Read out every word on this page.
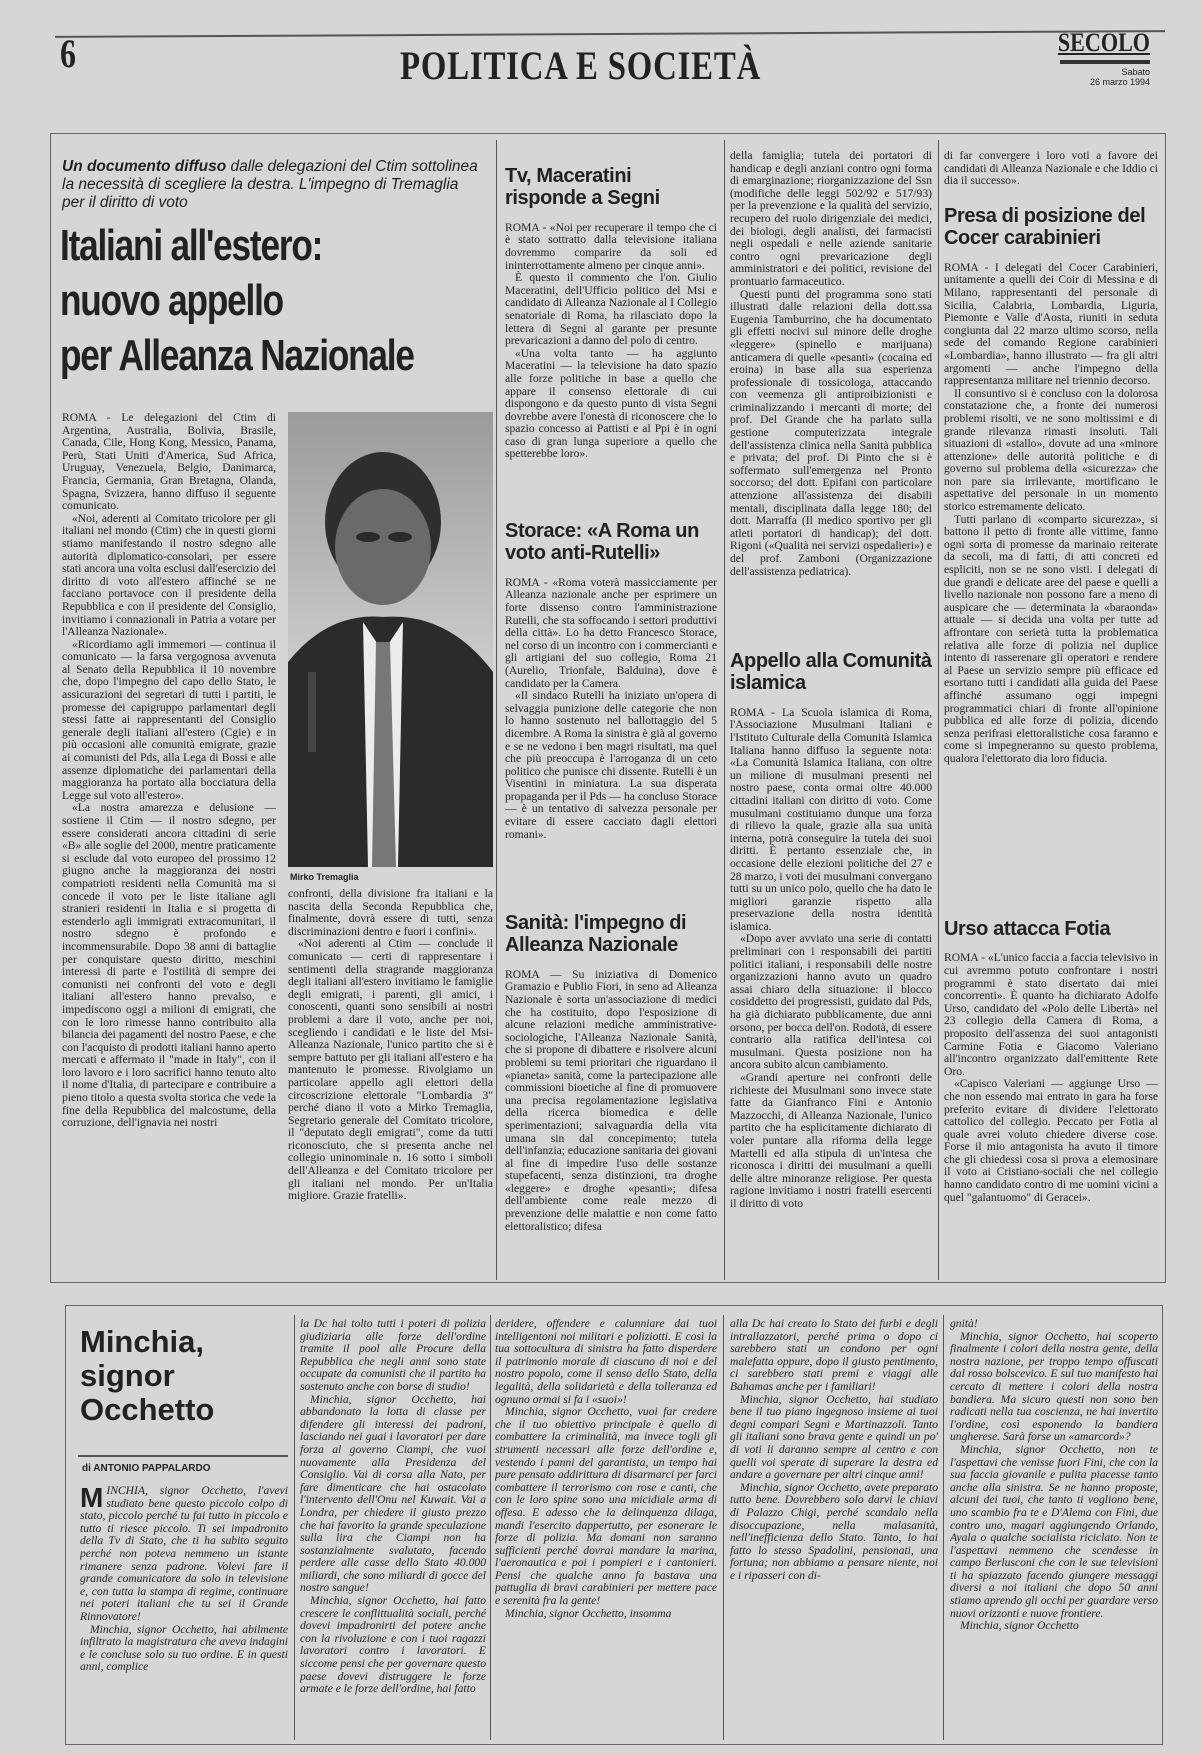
6	POLITICA E SOCIETÀ
SECOLO
Sabato
26 marzo 1994
Un documento diffuso dalle delegazioni del Ctim sottolinea la necessità di scegliere la destra. L'impegno di Tremaglia per il diritto di voto
Italiani all'estero:
nuovo appello
per Alleanza Nazionale

ROMA - Le delegazioni del Ctim di Argentina, Australia, Bolivia, Brasile, Canada, Cile, Hong Kong, Messico, Panama, Perù, Stati Uniti d'America, Sud Africa, Uruguay, Venezuela, Belgio, Danimarca, Francia, Germania, Gran Bretagna, Olanda, Spagna, Svizzera, hanno diffuso il seguente comunicato.

«Noi, aderenti al Comitato tricolore per gli italiani nel mondo (Ctim) che in questi giorni stiamo manifestando il nostro sdegno alle autorità diplomatico-consolari, per essere stati ancora una volta esclusi dall'esercizio del diritto di voto all'estero affinché se ne facciano portavoce con il presidente della Repubblica e con il presidente del Consiglio, invitiamo i connazionali in Patria a votare per l'Alleanza Nazionale».

«Ricordiamo agli immemori — continua il comunicato — la farsa vergognosa avvenuta al Senato della Repubblica il 10 novembre che, dopo l'impegno del capo dello Stato, le assicurazioni dei segretari di tutti i partiti, le promesse dei capigruppo parlamentari degli stessi fatte ai rappresentanti del Consiglio generale degli italiani all'estero (Cgie) e in più occasioni alle comunità emigrate, grazie ai comunisti del Pds, alla Lega di Bossi e alle assenze diplomatiche dei parlamentari della maggioranza ha portato alla bocciatura della Legge sul voto all'estero».

«La nostra amarezza e delusione — sostiene il Ctim — il nostro sdegno, per essere considerati ancora cittadini di serie «B» alle soglie del 2000, mentre praticamente si esclude dal voto europeo del prossimo 12 giugno anche la maggioranza dei nostri compatrioti residenti nella Comunità ma si concede il voto per le liste italiane agli stranieri residenti in Italia e si progetta di estenderlo agli immigrati extracomunitari, il nostro sdegno è profondo e incommensurabile. Dopo 38 anni di battaglie per conquistare questo diritto, meschini interessi di parte e l'ostilità di sempre dei comunisti nei confronti del voto e degli italiani all'estero hanno prevalso, e impediscono oggi a milioni di emigrati, che con le loro rimesse hanno contribuito alla bilancia dei pagamenti del nostro Paese, e che con l'acquisto di prodotti italiani hanno aperto mercati e affermato il "made in Italy", con il loro lavoro e i loro sacrifici hanno tenuto alto il nome d'Italia, di partecipare e contribuire a pieno titolo a questa svolta storica che vede la fine della Repubblica del malcostume, della corruzione, dell'ignavia nei nostri

Mirko Tremaglia

confronti, della divisione fra italiani e la nascita della Seconda Repubblica che, finalmente, dovrà essere di tutti, senza discriminazioni dentro e fuori i confini».

«Noi aderenti al Ctim — conclude il comunicato — certi di rappresentare i sentimenti della stragrande maggioranza degli italiani all'estero invitiamo le famiglie degli emigrati, i parenti, gli amici, i conoscenti, quanti sono sensibili ai nostri problemi a dare il voto, anche per noi, scegliendo i candidati e le liste del Msi-Alleanza Nazionale, l'unico partito che si è sempre battuto per gli italiani all'estero e ha mantenuto le promesse. Rivolgiamo un particolare appello agli elettori della circoscrizione elettorale "Lombardia 3" perché diano il voto a Mirko Tremaglia, Segretario generale del Comitato tricolore, il "deputato degli emigrati", come da tutti riconosciuto, che si presenta anche nel collegio uninominale n. 16 sotto i simboli dell'Alleanza e del Comitato tricolore per gli italiani nel mondo. Per un'Italia migliore. Grazie fratelli».

Tv, Maceratini risponde a Segni

ROMA - «Noi per recuperare il tempo che ci è stato sottratto dalla televisione italiana dovremmo comparire da soli ed ininterrottamente almeno per cinque anni».

È questo il commento che l'on. Giulio Maceratini, dell'Ufficio politico del Msi e candidato di Alleanza Nazionale al I Collegio senatoriale di Roma, ha rilasciato dopo la lettera di Segni al garante per presunte prevaricazioni a danno del polo di centro.

«Una volta tanto — ha aggiunto Maceratini — la televisione ha dato spazio alle forze politiche in base a quello che appare il consenso elettorale di cui dispongono e da questo punto di vista Segni dovrebbe avere l'onestà di riconoscere che lo spazio concesso ai Pattisti e al Ppi è in ogni caso di gran lunga superiore a quello che spetterebbe loro».

Storace: «A Roma un voto anti-Rutelli»

ROMA - «Roma voterà massicciamente per Alleanza nazionale anche per esprimere un forte dissenso contro l'amministrazione Rutelli, che sta soffocando i settori produttivi della città». Lo ha detto Francesco Storace, nel corso di un incontro con i commercianti e gli artigiani del suo collegio, Roma 21 (Aurelio, Trionfale, Balduina), dove è candidato per la Camera.

«Il sindaco Rutelli ha iniziato un'opera di selvaggia punizione delle categorie che non lo hanno sostenuto nel ballottaggio del 5 dicembre. A Roma la sinistra è già al governo e se ne vedono i ben magri risultati, ma quel che più preoccupa è l'arroganza di un ceto politico che punisce chi dissente. Rutelli è un Visentini in miniatura. La sua disperata propaganda per il Pds — ha concluso Storace — è un tentativo di salvezza personale per evitare di essere cacciato dagli elettori romani».

Sanità: l'impegno di Alleanza Nazionale

ROMA — Su iniziativa di Domenico Gramazio e Publio Fiori, in seno ad Alleanza Nazionale è sorta un'associazione di medici che ha costituito, dopo l'esposizione di alcune relazioni mediche amministrative-sociologiche, l'Alleanza Nazionale Sanità, che si propone di dibattere e risolvere alcuni problemi su temi prioritari che riguardano il «pianeta» sanità, come la partecipazione alle commissioni bioetiche al fine di promuovere una precisa regolamentazione legislativa della ricerca biomedica e delle sperimentazioni; salvaguardia della vita umana sin dal concepimento; tutela dell'infanzia; educazione sanitaria dei giovani al fine di impedire l'uso delle sostanze stupefacenti, senza distinzioni, tra droghe «leggere» e droghe «pesanti»; difesa dell'ambiente come reale mezzo di prevenzione delle malattie e non come fatto elettoralistico; difesa

della famiglia; tutela dei portatori di handicap e degli anziani contro ogni forma di emarginazione; riorganizzazione del Ssn (modifiche delle leggi 502/92 e 517/93) per la prevenzione e la qualità del servizio, recupero del ruolo dirigenziale dei medici, dei biologi, degli analisti, dei farmacisti negli ospedali e nelle aziende sanitarie contro ogni prevaricazione degli amministratori e dei politici, revisione del prontuario farmaceutico.

Questi punti del programma sono stati illustrati dalle relazioni della dott.ssa Eugenia Tamburrino, che ha documentato gli effetti nocivi sul minore delle droghe «leggere» (spinello e marijuana) anticamera di quelle «pesanti» (cocaina ed eroina) in base alla sua esperienza professionale di tossicologa, attaccando con veemenza gli antiproibizionisti e criminalizzando i mercanti di morte; del prof. Del Grande che ha parlato sulla gestione computerizzata integrale dell'assistenza clinica nella Sanità pubblica e privata; del prof. Di Pinto che si è soffermato sull'emergenza nel Pronto soccorso; del dott. Epifani con particolare attenzione all'assistenza dei disabili mentali, disciplinata dalla legge 180; del dott. Marraffa (Il medico sportivo per gli atleti portatori di handicap); del dott. Rigoni («Qualità nei servizi ospedalieri») e del prof. Zamboni (Organizzazione dell'assistenza pediatrica).

Appello alla Comunità islamica

ROMA - La Scuola islamica di Roma, l'Associazione Musulmani Italiani e l'Istituto Culturale della Comunità Islamica Italiana hanno diffuso la seguente nota: «La Comunità Islamica Italiana, con oltre un milione di musulmani presenti nel nostro paese, conta ormai oltre 40.000 cittadini italiani con diritto di voto. Come musulmani costituiamo dunque una forza di rilievo la quale, grazie alla sua unità interna, potrà conseguire la tutela dei suoi diritti. È pertanto essenziale che, in occasione delle elezioni politiche del 27 e 28 marzo, i voti dei musulmani convergano tutti su un unico polo, quello che ha dato le migliori garanzie rispetto alla preservazione della nostra identità islamica.

«Dopo aver avviato una serie di contatti preliminari con i responsabili dei partiti politici italiani, i responsabili delle nostre organizzazioni hanno avuto un quadro assai chiaro della situazione: il blocco cosiddetto dei progressisti, guidato dal Pds, ha già dichiarato pubblicamente, due anni orsono, per bocca dell'on. Rodotà, di essere contrario alla ratifica dell'intesa coi musulmani. Questa posizione non ha ancora subito alcun cambiamento.

«Grandi aperture nei confronti delle richieste dei Musulmani sono invece state fatte da Gianfranco Fini e Antonio Mazzocchi, di Alleanza Nazionale, l'unico partito che ha esplicitamente dichiarato di voler puntare alla riforma della legge Martelli ed alla stipula di un'intesa che riconosca i diritti dei musulmani a quelli delle altre minoranze religiose. Per questa ragione invitiamo i nostri fratelli esercenti il diritto di voto

di far convergere i loro voti a favore dei candidati di Alleanza Nazionale e che Iddio ci dia il successo».

Presa di posizione del Cocer carabinieri

ROMA - I delegati del Cocer Carabinieri, unitamente a quelli dei Coir di Messina e di Milano, rappresentanti del personale di Sicilia, Calabria, Lombardia, Liguria, Piemonte e Valle d'Aosta, riuniti in seduta congiunta dal 22 marzo ultimo scorso, nella sede del comando Regione carabinieri «Lombardia», hanno illustrato — fra gli altri argomenti — anche l'impegno della rappresentanza militare nel triennio decorso.

Il consuntivo si è concluso con la dolorosa constatazione che, a fronte dei numerosi problemi risolti, ve ne sono moltissimi e di grande rilevanza rimasti insoluti. Tali situazioni di «stallo», dovute ad una «minore attenzione» delle autorità politiche e di governo sul problema della «sicurezza» che non pare sia irrilevante, mortificano le aspettative del personale in un momento storico estremamente delicato.

Tutti parlano di «comparto sicurezza», si battono il petto di fronte alle vittime, fanno ogni sorta di promesse da marinaio reiterate da secoli, ma di fatti, di atti concreti ed espliciti, non se ne sono visti. I delegati di due grandi e delicate aree del paese e quelli a livello nazionale non possono fare a meno di auspicare che — determinata la «baraonda» attuale — si decida una volta per tutte ad affrontare con serietà tutta la problematica relativa alle forze di polizia nel duplice intento di rasserenare gli operatori e rendere al Paese un servizio sempre più efficace ed esortano tutti i candidati alla guida del Paese affinché assumano oggi impegni programmatici chiari di fronte all'opinione pubblica ed alle forze di polizia, dicendo senza perifrasi elettoralistiche cosa faranno e come si impegneranno su questo problema, qualora l'elettorato dia loro fiducia.

Urso attacca Fotia

ROMA - «L'unico faccia a faccia televisivo in cui avremmo potuto confrontare i nostri programmi è stato disertato dai miei concorrenti». È quanto ha dichiarato Adolfo Urso, candidato del «Polo delle Libertà» nel 23 collegio della Camera di Roma, a proposito dell'assenza dei suoi antagonisti Carmine Fotia e Giacomo Valeriano all'incontro organizzato dall'emittente Rete Oro.

«Capisco Valeriani — aggiunge Urso — che non essendo mai entrato in gara ha forse preferito evitare di dividere l'elettorato cattolico del collegio. Peccato per Fotia al quale avrei voluto chiedere diverse cose. Forse il mio antagonista ha avuto il timore che gli chiedessi cosa si prova a elemosinare il voto ai Cristiano-sociali che nel collegio hanno candidato contro di me uomini vicini a quel "galantuomo" di Geracei».

Minchia, signor Occhetto
di ANTONIO PAPPALARDO
M INCHIA, signor Occhetto, l'avevi studiato bene questo piccolo colpo di stato, piccolo perché tu fai tutto in piccolo e tutto ti riesce piccolo. Ti sei impadronito della Tv di Stato, che ti ha subito seguito perché non poteva nemmeno un istante rimanere senza padrone. Volevi fare il grande comunicatore da solo in televisione e, con tutta la stampa di regime, continuare nei poteri italiani che tu sei il Grande Rinnovatore!

Minchia, signor Occhetto, hai abilmente infiltrato la magistratura che aveva indagini e le concluse solo su tuo ordine. E in questi anni, complice

la Dc hai tolto tutti i poteri di polizia giudiziaria alle forze dell'ordine tramite il pool alle Procure della Repubblica che negli anni sono state occupate da comunisti che il partito ha sostenuto anche con borse di studio!

Minchia, signor Occhetto, hai abbandonato la lotta di classe per difendere gli interessi dei padroni, lasciando nei guai i lavoratori per dare forza al governo Ciampi, che vuoi nuovamente alla Presidenza del Consiglio. Vai di corsa alla Nato, per fare dimenticare che hai ostacolato l'intervento dell'Onu nel Kuwait. Vai a Londra, per chiedere il giusto prezzo che hai favorito la grande speculazione sulla lira che Ciampi non ha sostanzialmente svalutato, facendo perdere alle casse dello Stato 40.000 miliardi, che sono miliardi di gocce del nostro sangue!

Minchia, signor Occhetto, hai fatto crescere le conflittualità sociali, perché dovevi impadronirti del potere anche con la rivoluzione e con i tuoi ragazzi lavoratori contro i lavoratori. E siccome pensi che per governare questo paese dovevi distruggere le forze armate e le forze dell'ordine, hai fatto

deridere, offendere e calunniare dai tuoi intelligentoni noi militari e poliziotti. E così la tua sottocultura di sinistra ha fatto disperdere il patrimonio morale di ciascuno di noi e del nostro popolo, come il senso dello Stato, della legalità, della solidarietà e della tolleranza ed ognuno ormai si fa i «suoi»!

Minchia, signor Occhetto, vuoi far credere che il tuo obiettivo principale è quello di combattere la criminalità, ma invece togli gli strumenti necessari alle forze dell'ordine e, vestendo i panni del garantista, un tempo hai pure pensato addirittura di disarmarci per farci combattere il terrorismo con rose e canti, che con le loro spine sono una micidiale arma di offesa. E adesso che la delinquenza dilaga, mandi l'esercito dappertutto, per esonerare le forze di polizia. Ma domani non saranno sufficienti perché dovrai mandare la marina, l'aeronautica e poi i pompieri e i cantonieri. Pensi che qualche anno fa bastava una pattuglia di bravi carabinieri per mettere pace e serenità fra la gente!

Minchia, signor Occhetto, insomma

alla Dc hai creato lo Stato dei furbi e degli intrallazzatori, perché prima o dopo ci sarebbero stati un condono per ogni malefatta oppure, dopo il giusto pentimento, ci sarebbero stati premi e viaggi alle Bahamas anche per i familiari!

Minchia, signor Occhetto, hai studiato bene il tuo piano ingegnoso insieme ai tuoi degni compari Segni e Martinazzoli. Tanto gli italiani sono brava gente e quindi un po' di voti li daranno sempre al centro e con quelli voi sperate di superare la destra ed andare a governare per altri cinque anni!

Minchia, signor Occhetto, avete preparato tutto bene. Dovrebbero solo darvi le chiavi di Palazzo Chigi, perché scandalo nella disoccupazione, nella malasanità, nell'inefficienza dello Stato. Tanto, lo hai fatto lo stesso Spadolini, pensionati, una fortuna; non abbiamo a pensare niente, noi e i ripasseri con di-

gnità!

Minchia, signor Occhetto, hai scoperto finalmente i colori della nostra gente, della nostra nazione, per troppo tempo offuscati dal rosso bolscevico. E sul tuo manifesto hai cercato di mettere i colori della nostra bandiera. Ma sicuro questi non sono ben radicati nella tua coscienza, ne hai invertito l'ordine, così esponendo la bandiera ungherese. Sarà forse un «amarcord»?

Minchia, signor Occhetto, non te l'aspettavi che venisse fuori Fini, che con la sua faccia giovanile e pulita piacesse tanto anche alla sinistra. Se ne hanno proposte, alcuni dei tuoi, che tanto ti vogliono bene, uno scambio fra te e D'Alema con Fini, due contro uno, magari aggiungendo Orlando, Ayala o qualche socialista riciclato. Non te l'aspettavi nemmeno che scendesse in campo Berlusconi che con le sue televisioni ti ha spiazzato facendo giungere messaggi diversi a noi italiani che dopo 50 anni stiamo aprendo gli occhi per guardare verso nuovi orizzonti e nuove frontiere.

Minchia, signor Occhetto
